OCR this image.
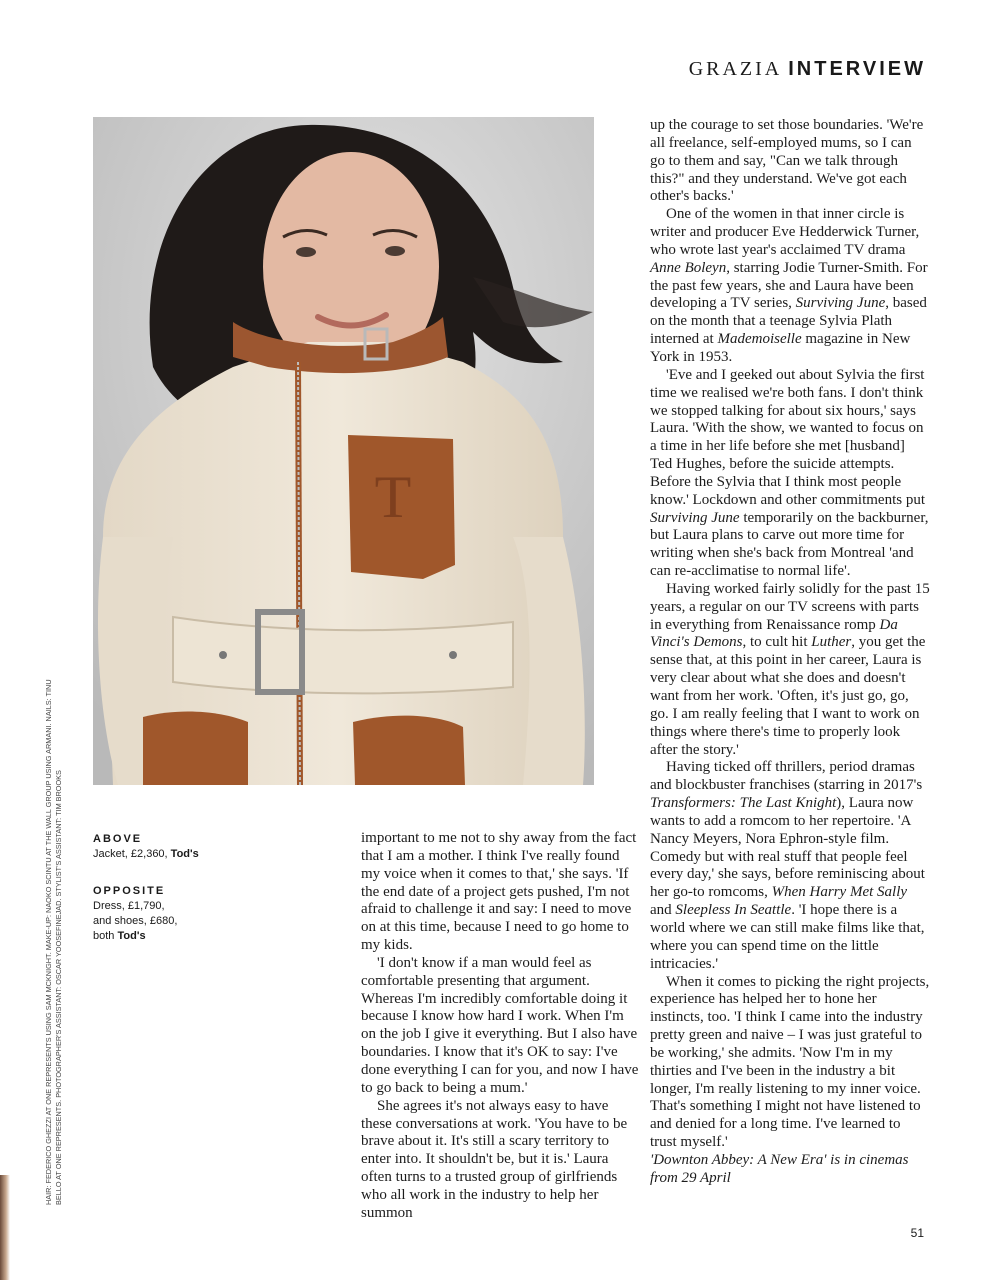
GRAZIA INTERVIEW
T
HAIR: FEDERICO GHEZZI AT ONE REPRESENTS USING SAM MCKNIGHT. MAKE-UP: NAOKO SCINTU AT THE WALL GROUP USING ARMANI. NAILS: TINU BELLO AT ONE REPRESENTS. PHOTOGRAPHER'S ASSISTANT: OSCAR YOOSEFINEJAD. STYLIST'S ASSISTANT: TIM BROOKS	ABOVE
Jacket, £2,360, Tod's
OPPOSITE
Dress, £1,790,
and shoes, £680,
both Tod's

important to me not to shy away from the fact that I am a mother. I think I've really found my voice when it comes to that,' she says. 'If the end date of a project gets pushed, I'm not afraid to challenge it and say: I need to move on at this time, because I need to go home to my kids.

'I don't know if a man would feel as comfortable presenting that argument. Whereas I'm incredibly comfortable doing it because I know how hard I work. When I'm on the job I give it everything. But I also have boundaries. I know that it's OK to say: I've done everything I can for you, and now I have to go back to being a mum.'

She agrees it's not always easy to have these conversations at work. 'You have to be brave about it. It's still a scary territory to enter into. It shouldn't be, but it is.' Laura often turns to a trusted group of girlfriends who all work in the industry to help her summon

up the courage to set those boundaries. 'We're all freelance, self-employed mums, so I can go to them and say, "Can we talk through this?" and they understand. We've got each other's backs.'

One of the women in that inner circle is writer and producer Eve Hedderwick Turner, who wrote last year's acclaimed TV drama Anne Boleyn, starring Jodie Turner-Smith. For the past few years, she and Laura have been developing a TV series, Surviving June, based on the month that a teenage Sylvia Plath interned at Mademoiselle magazine in New York in 1953.

'Eve and I geeked out about Sylvia the first time we realised we're both fans. I don't think we stopped talking for about six hours,' says Laura. 'With the show, we wanted to focus on a time in her life before she met [husband] Ted Hughes, before the suicide attempts. Before the Sylvia that I think most people know.' Lockdown and other commitments put Surviving June temporarily on the backburner, but Laura plans to carve out more time for writing when she's back from Montreal 'and can re-acclimatise to normal life'.

Having worked fairly solidly for the past 15 years, a regular on our TV screens with parts in everything from Renaissance romp Da Vinci's Demons, to cult hit Luther, you get the sense that, at this point in her career, Laura is very clear about what she does and doesn't want from her work. 'Often, it's just go, go, go. I am really feeling that I want to work on things where there's time to properly look after the story.'

Having ticked off thrillers, period dramas and blockbuster franchises (starring in 2017's Transformers: The Last Knight), Laura now wants to add a romcom to her repertoire. 'A Nancy Meyers, Nora Ephron-style film. Comedy but with real stuff that people feel every day,' she says, before reminiscing about her go-to romcoms, When Harry Met Sally and Sleepless In Seattle. 'I hope there is a world where we can still make films like that, where you can spend time on the little intricacies.'

When it comes to picking the right projects, experience has helped her to hone her instincts, too. 'I think I came into the industry pretty green and naive – I was just grateful to be working,' she admits. 'Now I'm in my thirties and I've been in the industry a bit longer, I'm really listening to my inner voice. That's something I might not have listened to and denied for a long time. I've learned to trust myself.'

'Downton Abbey: A New Era' is in cinemas from 29 April

51
